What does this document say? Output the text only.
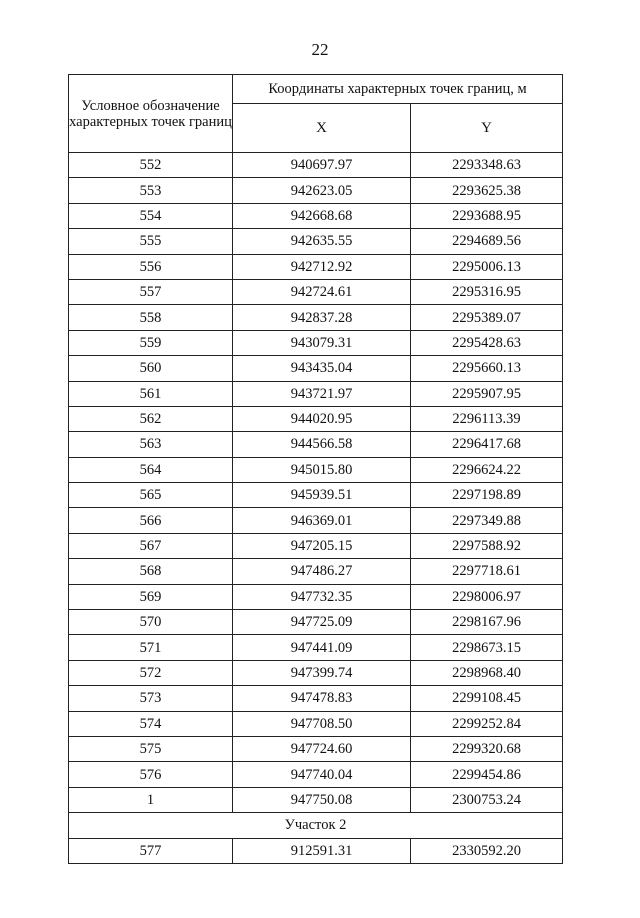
22
Условное обозначение характерных точек границ	Координаты характерных точек границ, м	
	X	Y
552	940697.97	2293348.63
553	942623.05	2293625.38
554	942668.68	2293688.95
555	942635.55	2294689.56
556	942712.92	2295006.13
557	942724.61	2295316.95
558	942837.28	2295389.07
559	943079.31	2295428.63
560	943435.04	2295660.13
561	943721.97	2295907.95
562	944020.95	2296113.39
563	944566.58	2296417.68
564	945015.80	2296624.22
565	945939.51	2297198.89
566	946369.01	2297349.88
567	947205.15	2297588.92
568	947486.27	2297718.61
569	947732.35	2298006.97
570	947725.09	2298167.96
571	947441.09	2298673.15
572	947399.74	2298968.40
573	947478.83	2299108.45
574	947708.50	2299252.84
575	947724.60	2299320.68
576	947740.04	2299454.86
1	947750.08	2300753.24
Участок 2		
577	912591.31	2330592.20
